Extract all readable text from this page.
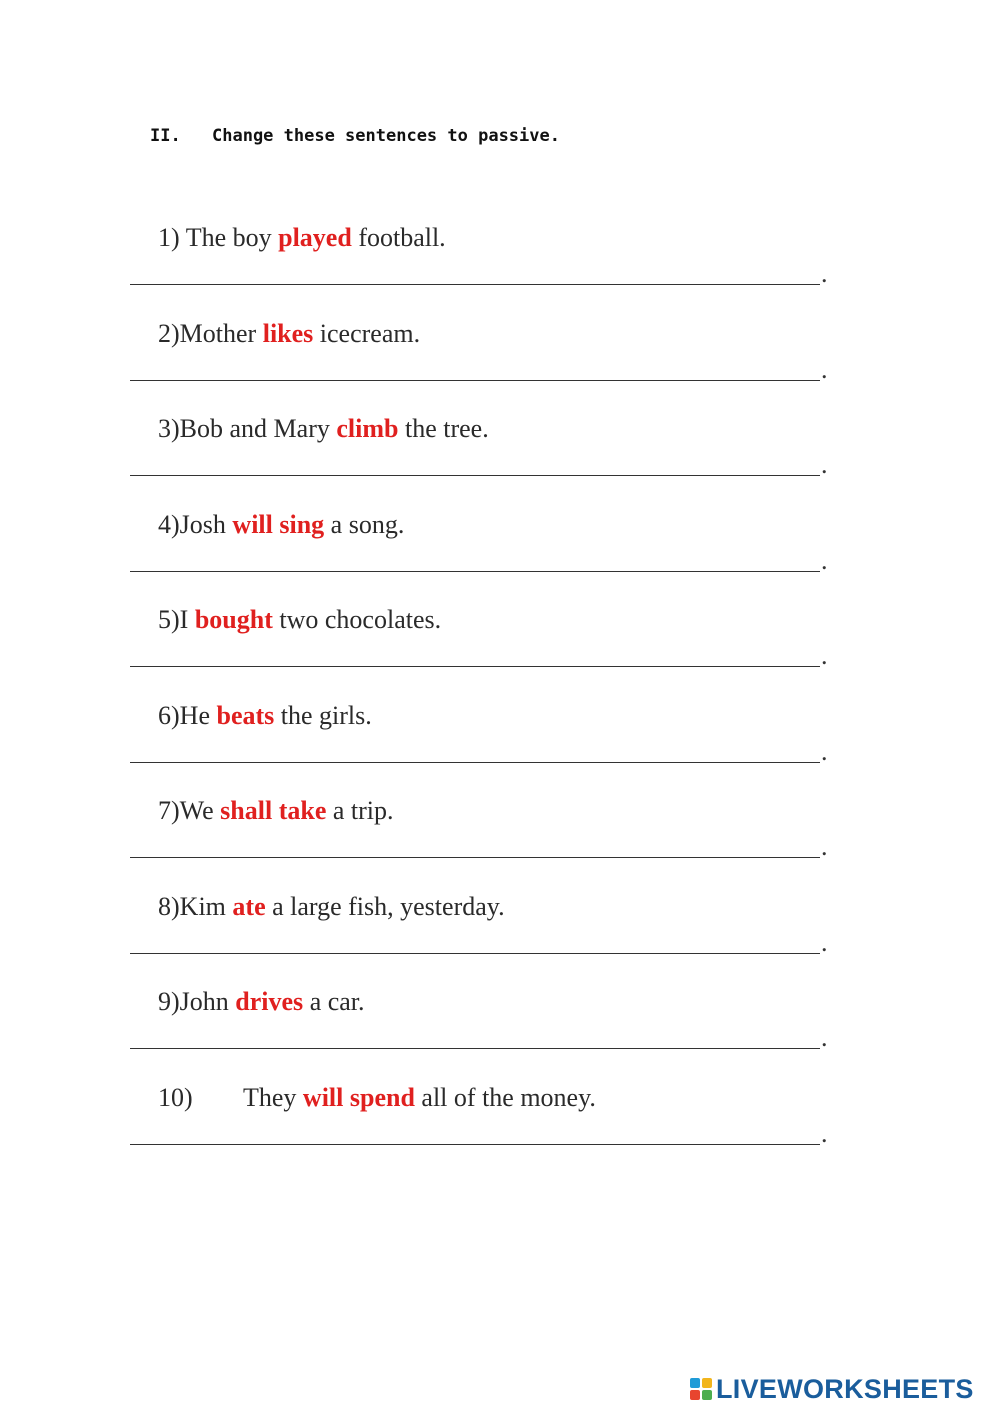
II.	Change these sentences to passive.
1) The boy played football.
.
2)Mother likes icecream.
.
3)Bob and Mary climb the tree.
.
4)Josh will sing a song.
.
5)I bought two chocolates.
.
6)He beats the girls.
.
7)We shall take a trip.
.
8)Kim ate a large fish, yesterday.
.
9)John drives a car.
.
10) They will spend all of the money.
.
LIVEWORKSHEETS
